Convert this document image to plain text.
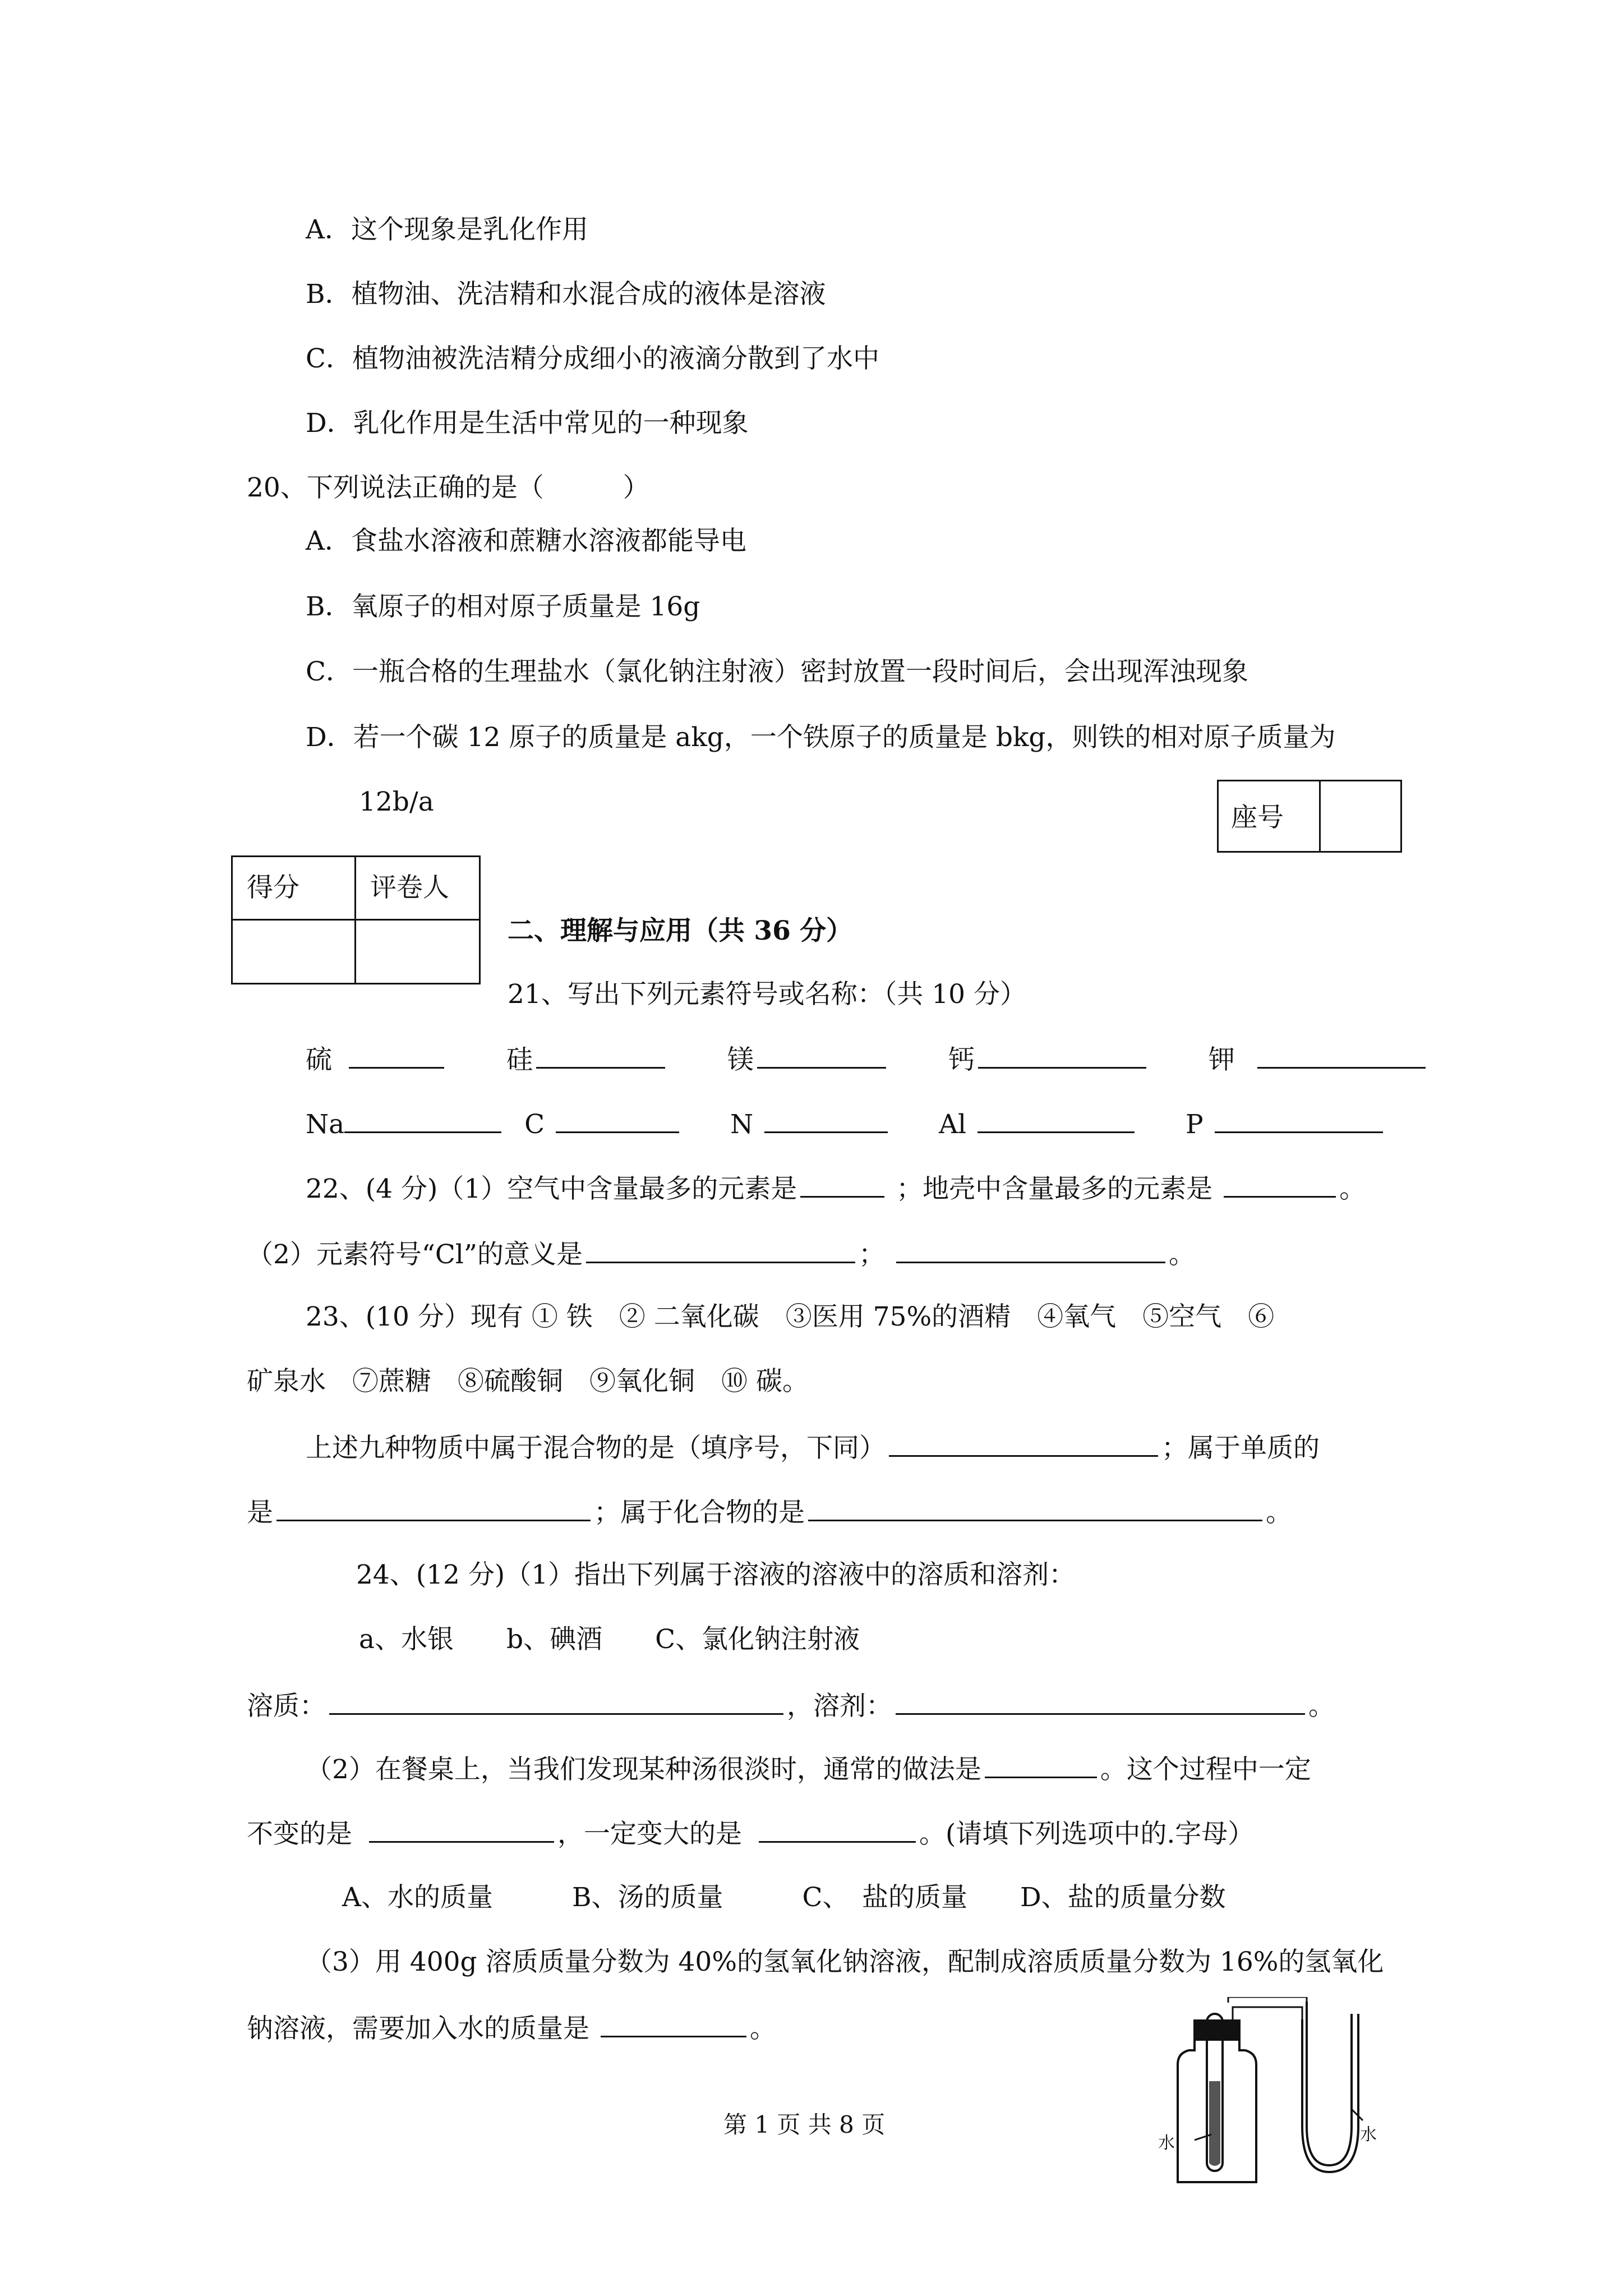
A．这个现象是乳化作用
B．植物油、洗洁精和水混合成的液体是溶液
C．植物油被洗洁精分成细小的液滴分散到了水中
D．乳化作用是生活中常见的一种现象
20、下列说法正确的是（　　　）
A．食盐水溶液和蔗糖水溶液都能导电
B．氧原子的相对原子质量是 16g
C．一瓶合格的生理盐水（氯化钠注射液）密封放置一段时间后，会出现浑浊现象
D．若一个碳 12 原子的质量是 akg，一个铁原子的质量是 bkg，则铁的相对原子质量为
12b/a
座号
得分	评卷人
二、理解与应用（共 36 分）
21、写出下列元素符号或名称：（共 10 分）
硫	硅	镁	钙	钾
Na	C	N	Al	P
22、(4 分)（1）空气中含量最多的元素是	；地壳中含量最多的元素是	。
（2）元素符号“Cl”的意义是	；	。
23、(10 分）现有 ① 铁　② 二氧化碳　③医用 75%的酒精　④氧气　⑤空气　⑥
矿泉水　⑦蔗糖　⑧硫酸铜　⑨氧化铜　⑩ 碳。
上述九种物质中属于混合物的是（填序号，下同）	；属于单质的
是	；属于化合物的是	。
24、(12 分)（1）指出下列属于溶液的溶液中的溶质和溶剂：
a、水银　　b、碘酒　　C、氯化钠注射液
溶质：	，溶剂：	。
（2）在餐桌上，当我们发现某种汤很淡时，通常的做法是	。这个过程中一定
不变的是	，一定变大的是	。(请填下列选项中的.字母）
A、水的质量　　　B、汤的质量　　　C、　盐的质量　　D、盐的质量分数
（3）用 400g 溶质质量分数为 40%的氢氧化钠溶液，配制成溶质质量分数为 16%的氢氧化
钠溶液，需要加入水的质量是	。
水	水
第 1 页 共 8 页
